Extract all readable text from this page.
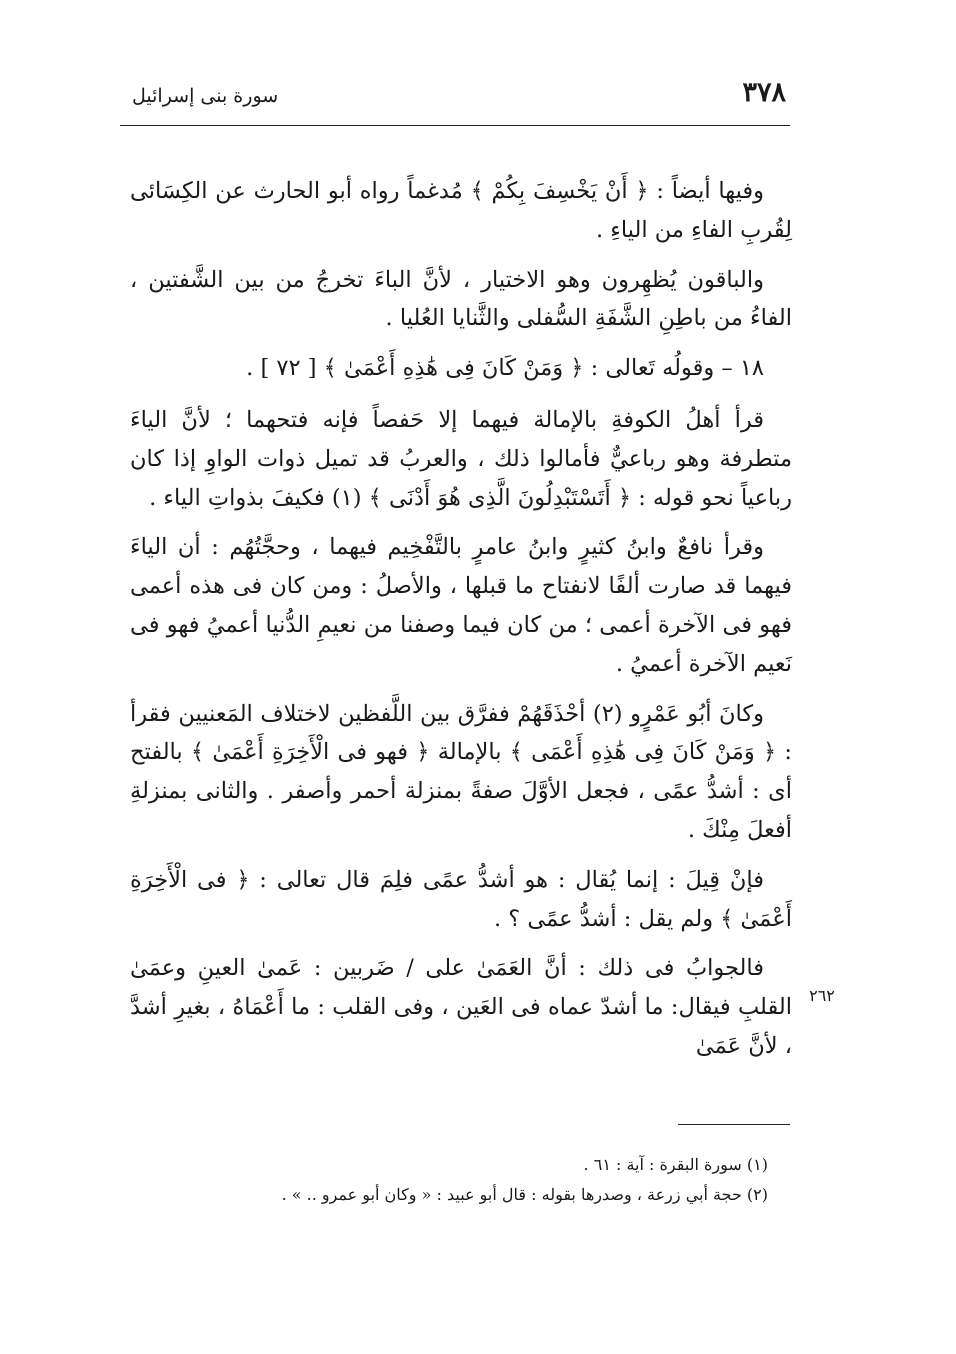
٣٧٨
سورة بنى إسرائيل

وفيها أيضاً : ﴿ أَنْ يَخْسِفَ بِكُمْ ﴾ مُدغماً رواه أبو الحارث عن الكِسَائى لِقُربِ الفاءِ من الياءِ .

والباقون يُظهِرون وهو الاختيار ، لأنَّ الباءَ تخرجُ من بين الشَّفتين ، الفاءُ من باطِنِ الشَّفَةِ السُّفلى والثَّنايا العُليا .

١٨ – وقولُه تَعالى : ﴿ وَمَنْ كَانَ فِى هَٰذِهِ أَعْمَىٰ ﴾ [ ٧٢ ] .

قرأ أهلُ الكوفةِ بالإمالة فيهما إلا حَفصاً فإنه فتحهما ؛ لأنَّ الياءَ متطرفة وهو رباعيٌّ فأمالوا ذلك ، والعربُ قد تميل ذوات الواوِ إذا كان رباعياً نحو قوله : ﴿ أَتَسْتَبْدِلُونَ الَّذِى هُوَ أَدْنَى ﴾ (١) فكيفَ بذواتِ الياء .

وقرأ نافعٌ وابنُ كثيرٍ وابنُ عامرٍ بالتَّفْخِيم فيهما ، وحجَّتُهُم : أن الياءَ فيهما قد صارت ألفًا لانفتاح ما قبلها ، والأصلُ : ومن كان فى هذه أعمى فهو فى الآخرة أعمى ؛ من كان فيما وصفنا من نعيمِ الدُّنيا أعميُ فهو فى نَعيم الآخرة أعميُ .

وكانَ أبُو عَمْرٍو (٢) أحْذَقَهُمْ ففرَّق بين اللَّفظين لاختلاف المَعنيين فقرأ : ﴿ وَمَنْ كَانَ فِى هَٰذِهِ أَعْمَى ﴾ بالإمالة ﴿ فهو فى الْأَخِرَةِ أَعْمَىٰ ﴾ بالفتح أى : أشدُّ عمًى ، فجعل الأوَّلَ صفةً بمنزلة أحمر وأصفر . والثانى بمنزلةِ أفعلَ مِنْكَ .

فإنْ قِيلَ : إنما يُقال : هو أشدُّ عمًى فلِمَ قال تعالى : ﴿ فى الْأَخِرَةِ أَعْمَىٰ ﴾ ولم يقل : أشدُّ عمًى ؟ .

فالجوابُ فى ذلك : أنَّ العَمَىٰ على / ضَربين : عَمىٰ العينِ وعمَىٰ القلبِ فيقال: ما أشدّ عماه فى العَين ، وفى القلب : ما أَعْمَاهُ ، بغيرِ أشدَّ ، لأنَّ عَمَىٰ

٢٦٢

(١) سورة البقرة : آية : ٦١ .

(٢) حجة أبي زرعة ، وصدرها بقوله : قال أبو عبيد : « وكان أبو عمرو .. » .
